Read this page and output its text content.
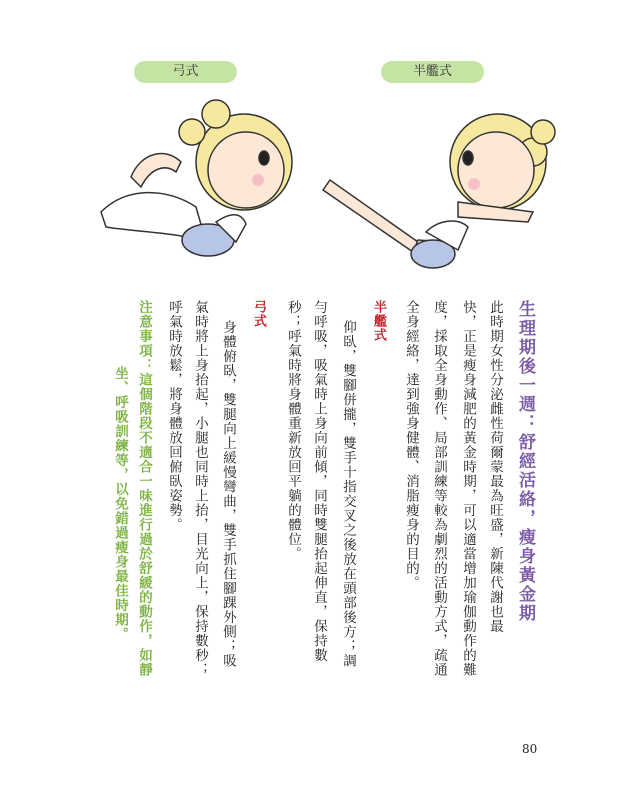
弓式	半艦式
生理期後一週：舒經活絡，瘦身黃金期
此時期女性分泌雌性荷爾蒙最為旺盛，新陳代謝也最
快，正是瘦身減肥的黃金時期，可以適當增加瑜伽動作的難
度，採取全身動作、局部訓練等較為劇烈的活動方式，疏通
全身經絡，達到強身健體、消脂瘦身的目的。
半艦式
仰臥，雙腳併攏，雙手十指交叉之後放在頭部後方；調
勻呼吸，吸氣時上身向前傾，同時雙腿抬起伸直，保持數
秒；呼氣時將身體重新放回平躺的體位。
弓式
身體俯臥，雙腿向上緩慢彎曲，雙手抓住腳踝外側；吸
氣時將上身抬起，小腿也同時上抬，目光向上，保持數秒；
呼氣時放鬆，將身體放回俯臥姿勢。
注意事項：這個階段不適合一味進行過於舒緩的動作，如靜
坐、呼吸訓練等，以免錯過瘦身最佳時期。
80
